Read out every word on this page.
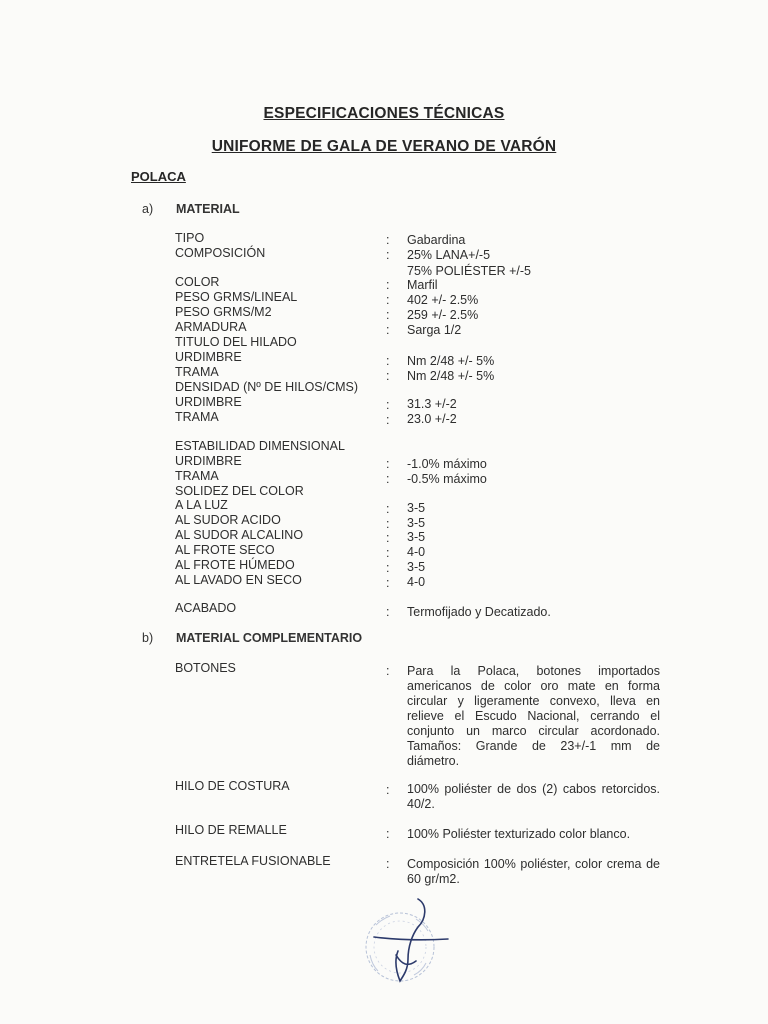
ESPECIFICACIONES TÉCNICAS
UNIFORME DE GALA DE VERANO DE VARÓN
POLACA
a) MATERIAL
TIPO	: Gabardina
COMPOSICIÓN	: 25% LANA+/-5
75% POLIÉSTER +/-5
COLOR	: Marfil
PESO GRMS/LINEAL	: 402 +/- 2.5%
PESO GRMS/M2	: 259 +/- 2.5%
ARMADURA	: Sarga 1/2
TITULO DEL HILADO
URDIMBRE	: Nm 2/48 +/- 5%
TRAMA	: Nm 2/48 +/- 5%
DENSIDAD (Nº DE HILOS/CMS)
URDIMBRE	: 31.3 +/-2
TRAMA	: 23.0 +/-2
ESTABILIDAD DIMENSIONAL
URDIMBRE	: -1.0% máximo
TRAMA	: -0.5% máximo
SOLIDEZ DEL COLOR
A LA LUZ	: 3-5
AL SUDOR ACIDO	: 3-5
AL SUDOR ALCALINO	: 3-5
AL FROTE SECO	: 4-0
AL FROTE HÚMEDO	: 3-5
AL LAVADO EN SECO	: 4-0
ACABADO	: Termofijado y Decatizado.
b) MATERIAL COMPLEMENTARIO
BOTONES	: Para la Polaca, botones importados americanos de color oro mate en forma circular y ligeramente convexo, lleva en relieve el Escudo Nacional, cerrando el conjunto un marco circular acordonado. Tamaños: Grande de 23+/-1 mm de diámetro.
HILO DE COSTURA	: 100% poliéster de dos (2) cabos retorcidos. 40/2.
HILO DE REMALLE	: 100% Poliéster texturizado color blanco.
ENTRETELA FUSIONABLE	: Composición 100% poliéster, color crema de 60 gr/m2.
